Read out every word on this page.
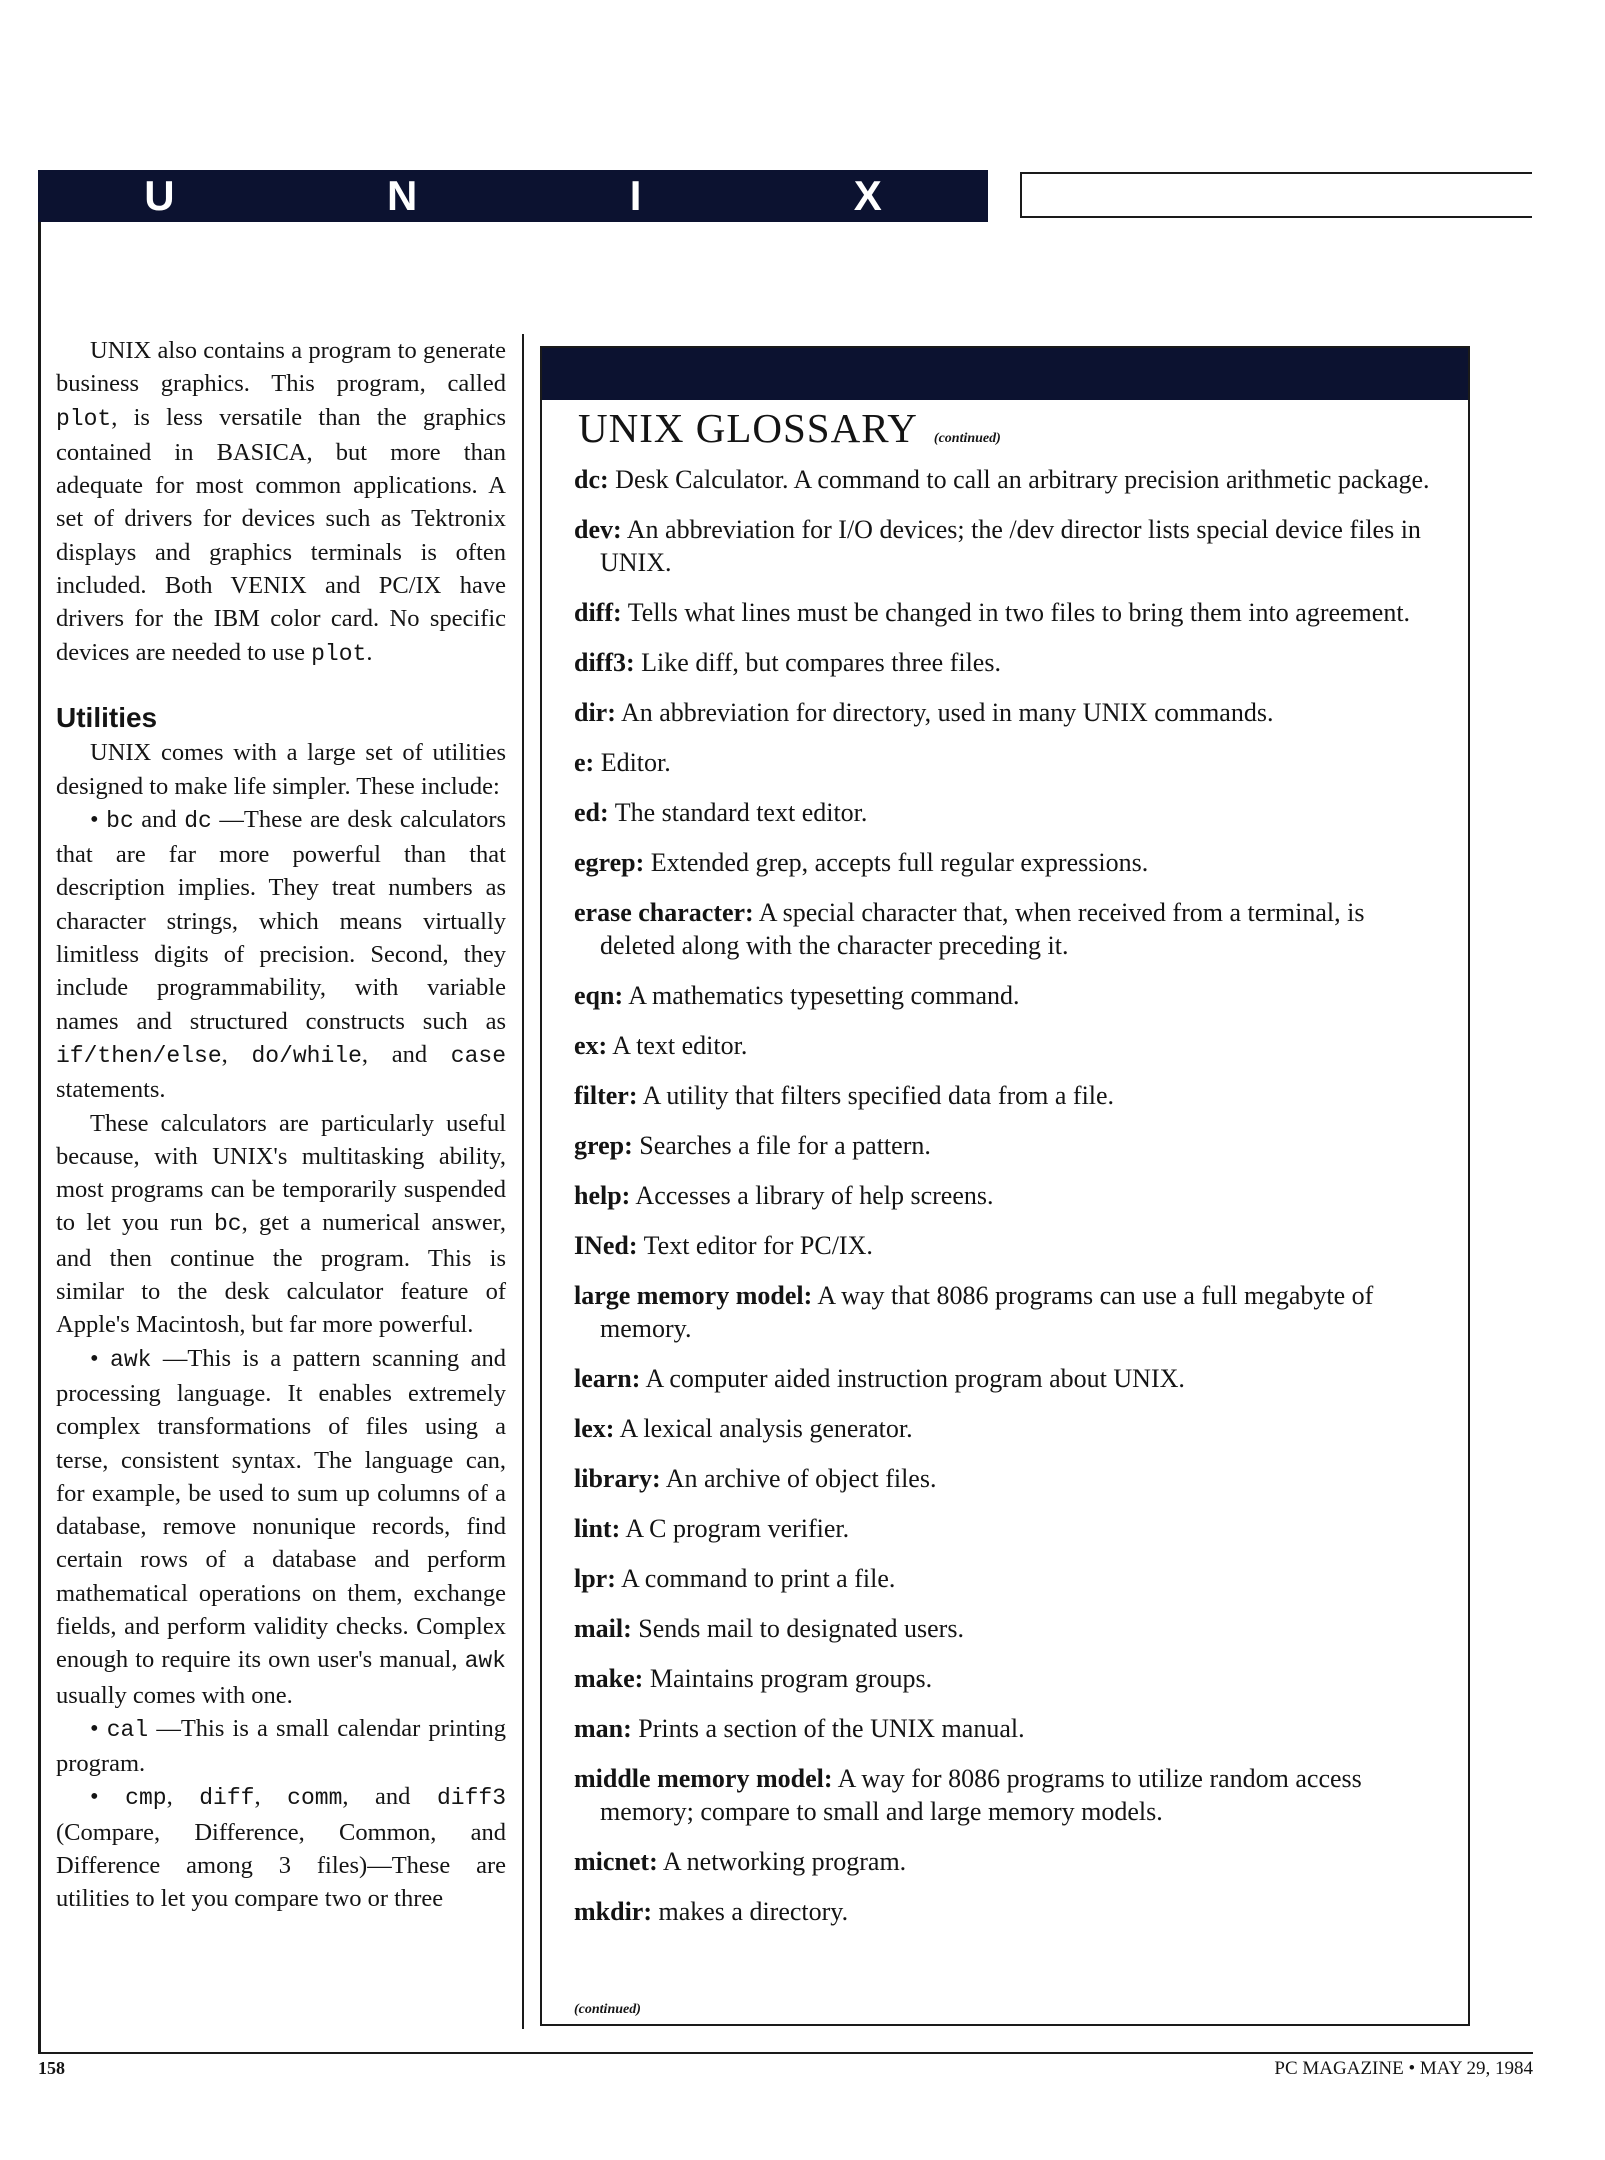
U	N	I	X

UNIX also contains a program to generate business graphics. This program, called plot, is less versatile than the graphics contained in BASICA, but more than adequate for most common applications. A set of drivers for devices such as Tektronix displays and graphics terminals is often included. Both VENIX and PC/IX have drivers for the IBM color card. No specific devices are needed to use plot.

Utilities

UNIX comes with a large set of utilities designed to make life simpler. These include:

• bc and dc —These are desk calculators that are far more powerful than that description implies. They treat numbers as character strings, which means virtually limitless digits of precision. Second, they include programmability, with variable names and structured constructs such as if/then/else, do/while, and case statements.

These calculators are particularly useful because, with UNIX's multitasking ability, most programs can be temporarily suspended to let you run bc, get a numerical answer, and then continue the program. This is similar to the desk calculator feature of Apple's Macintosh, but far more powerful.

• awk —This is a pattern scanning and processing language. It enables extremely complex transformations of files using a terse, consistent syntax. The language can, for example, be used to sum up columns of a database, remove nonunique records, find certain rows of a database and perform mathematical operations on them, exchange fields, and perform validity checks. Complex enough to require its own user's manual, awk usually comes with one.

• cal —This is a small calendar printing program.

• cmp, diff, comm, and diff3 (Compare, Difference, Common, and Difference among 3 files)—These are utilities to let you compare two or three

UNIX GLOSSARY (continued)

dc: Desk Calculator. A command to call an arbitrary precision arithmetic package.

dev: An abbreviation for I/O devices; the /dev director lists special device files in UNIX.

diff: Tells what lines must be changed in two files to bring them into agreement.

diff3: Like diff, but compares three files.

dir: An abbreviation for directory, used in many UNIX commands.

e: Editor.

ed: The standard text editor.

egrep: Extended grep, accepts full regular expressions.

erase character: A special character that, when received from a terminal, is deleted along with the character preceding it.

eqn: A mathematics typesetting command.

ex: A text editor.

filter: A utility that filters specified data from a file.

grep: Searches a file for a pattern.

help: Accesses a library of help screens.

INed: Text editor for PC/IX.

large memory model: A way that 8086 programs can use a full megabyte of memory.

learn: A computer aided instruction program about UNIX.

lex: A lexical analysis generator.

library: An archive of object files.

lint: A C program verifier.

lpr: A command to print a file.

mail: Sends mail to designated users.

make: Maintains program groups.

man: Prints a section of the UNIX manual.

middle memory model: A way for 8086 programs to utilize random access memory; compare to small and large memory models.

micnet: A networking program.

mkdir: makes a directory.

(continued)
158	PC MAGAZINE • MAY 29, 1984
